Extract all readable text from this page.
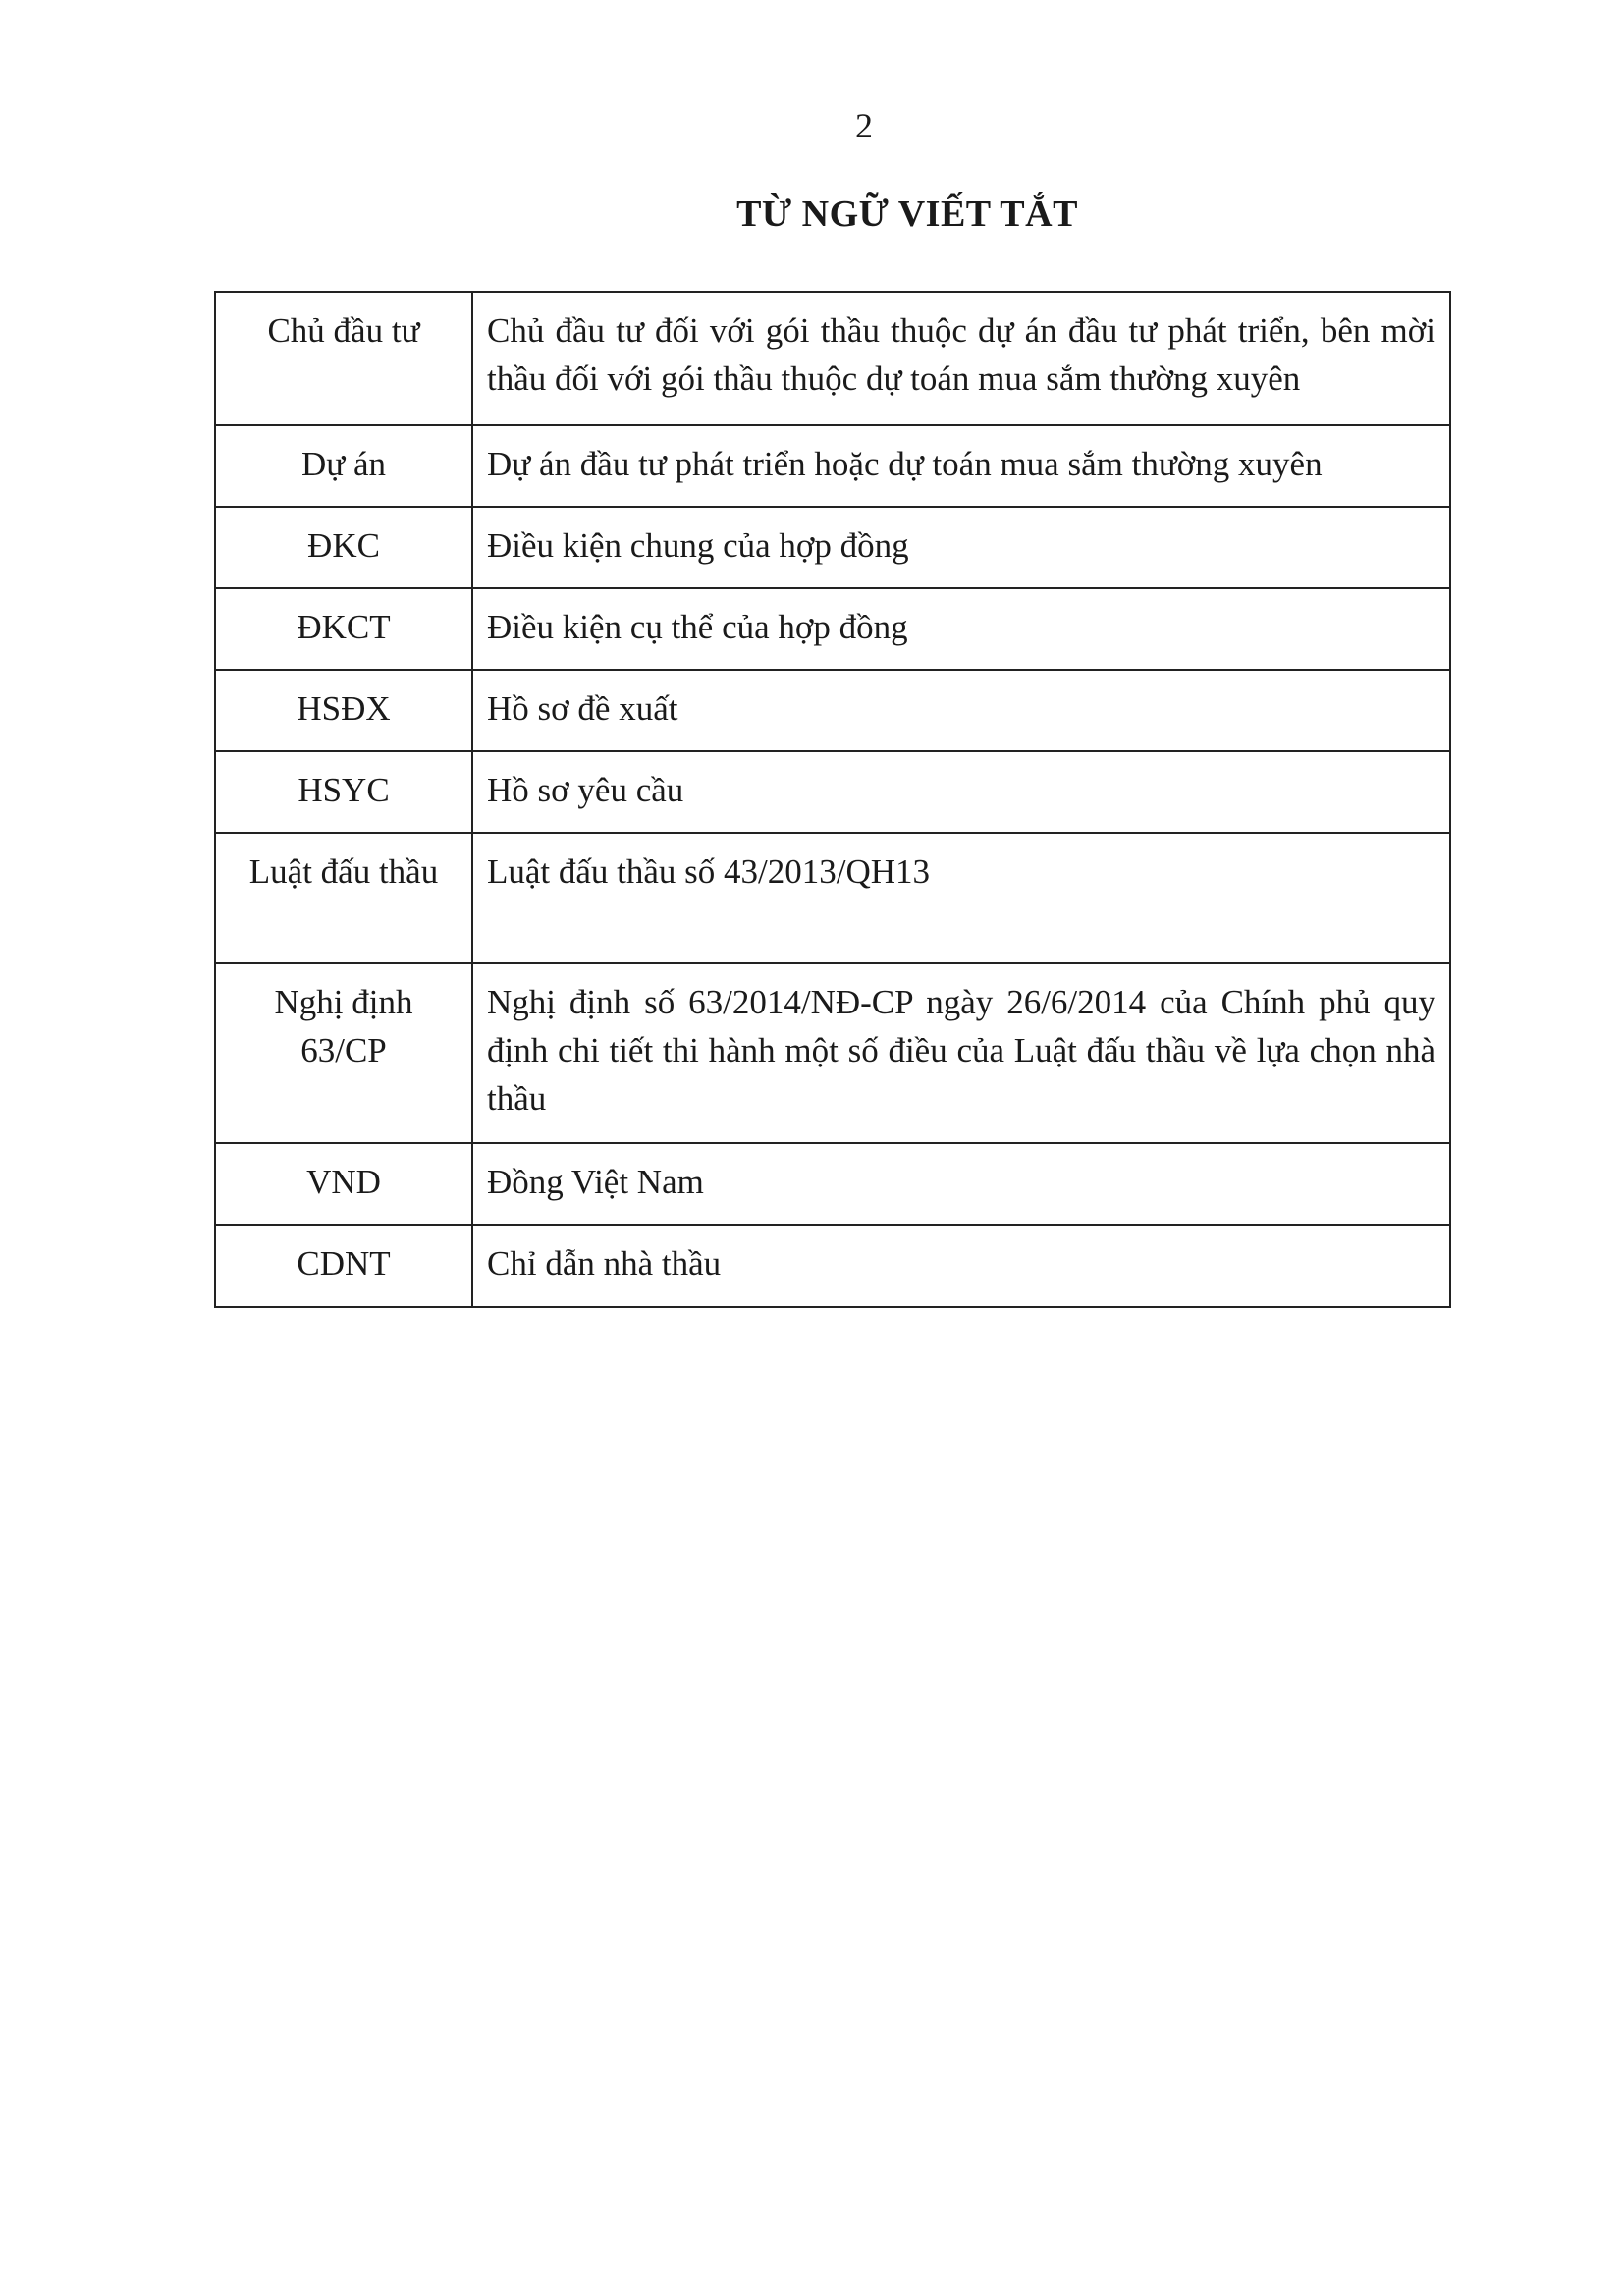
2
TỪ NGỮ VIẾT TẮT
Chủ đầu tư	Chủ đầu tư đối với gói thầu thuộc dự án đầu tư phát triển, bên mời thầu đối với gói thầu thuộc dự toán mua sắm thường xuyên
Dự án	Dự án đầu tư phát triển hoặc dự toán mua sắm thường xuyên
ĐKC	Điều kiện chung của hợp đồng
ĐKCT	Điều kiện cụ thể của hợp đồng
HSĐX	Hồ sơ đề xuất
HSYC	Hồ sơ yêu cầu
Luật đấu thầu	Luật đấu thầu số 43/2013/QH13
Nghị định 63/CP	Nghị định số 63/2014/NĐ-CP ngày 26/6/2014 của Chính phủ quy định chi tiết thi hành một số điều của Luật đấu thầu về lựa chọn nhà thầu
VND	Đồng Việt Nam
CDNT	Chỉ dẫn nhà thầu
